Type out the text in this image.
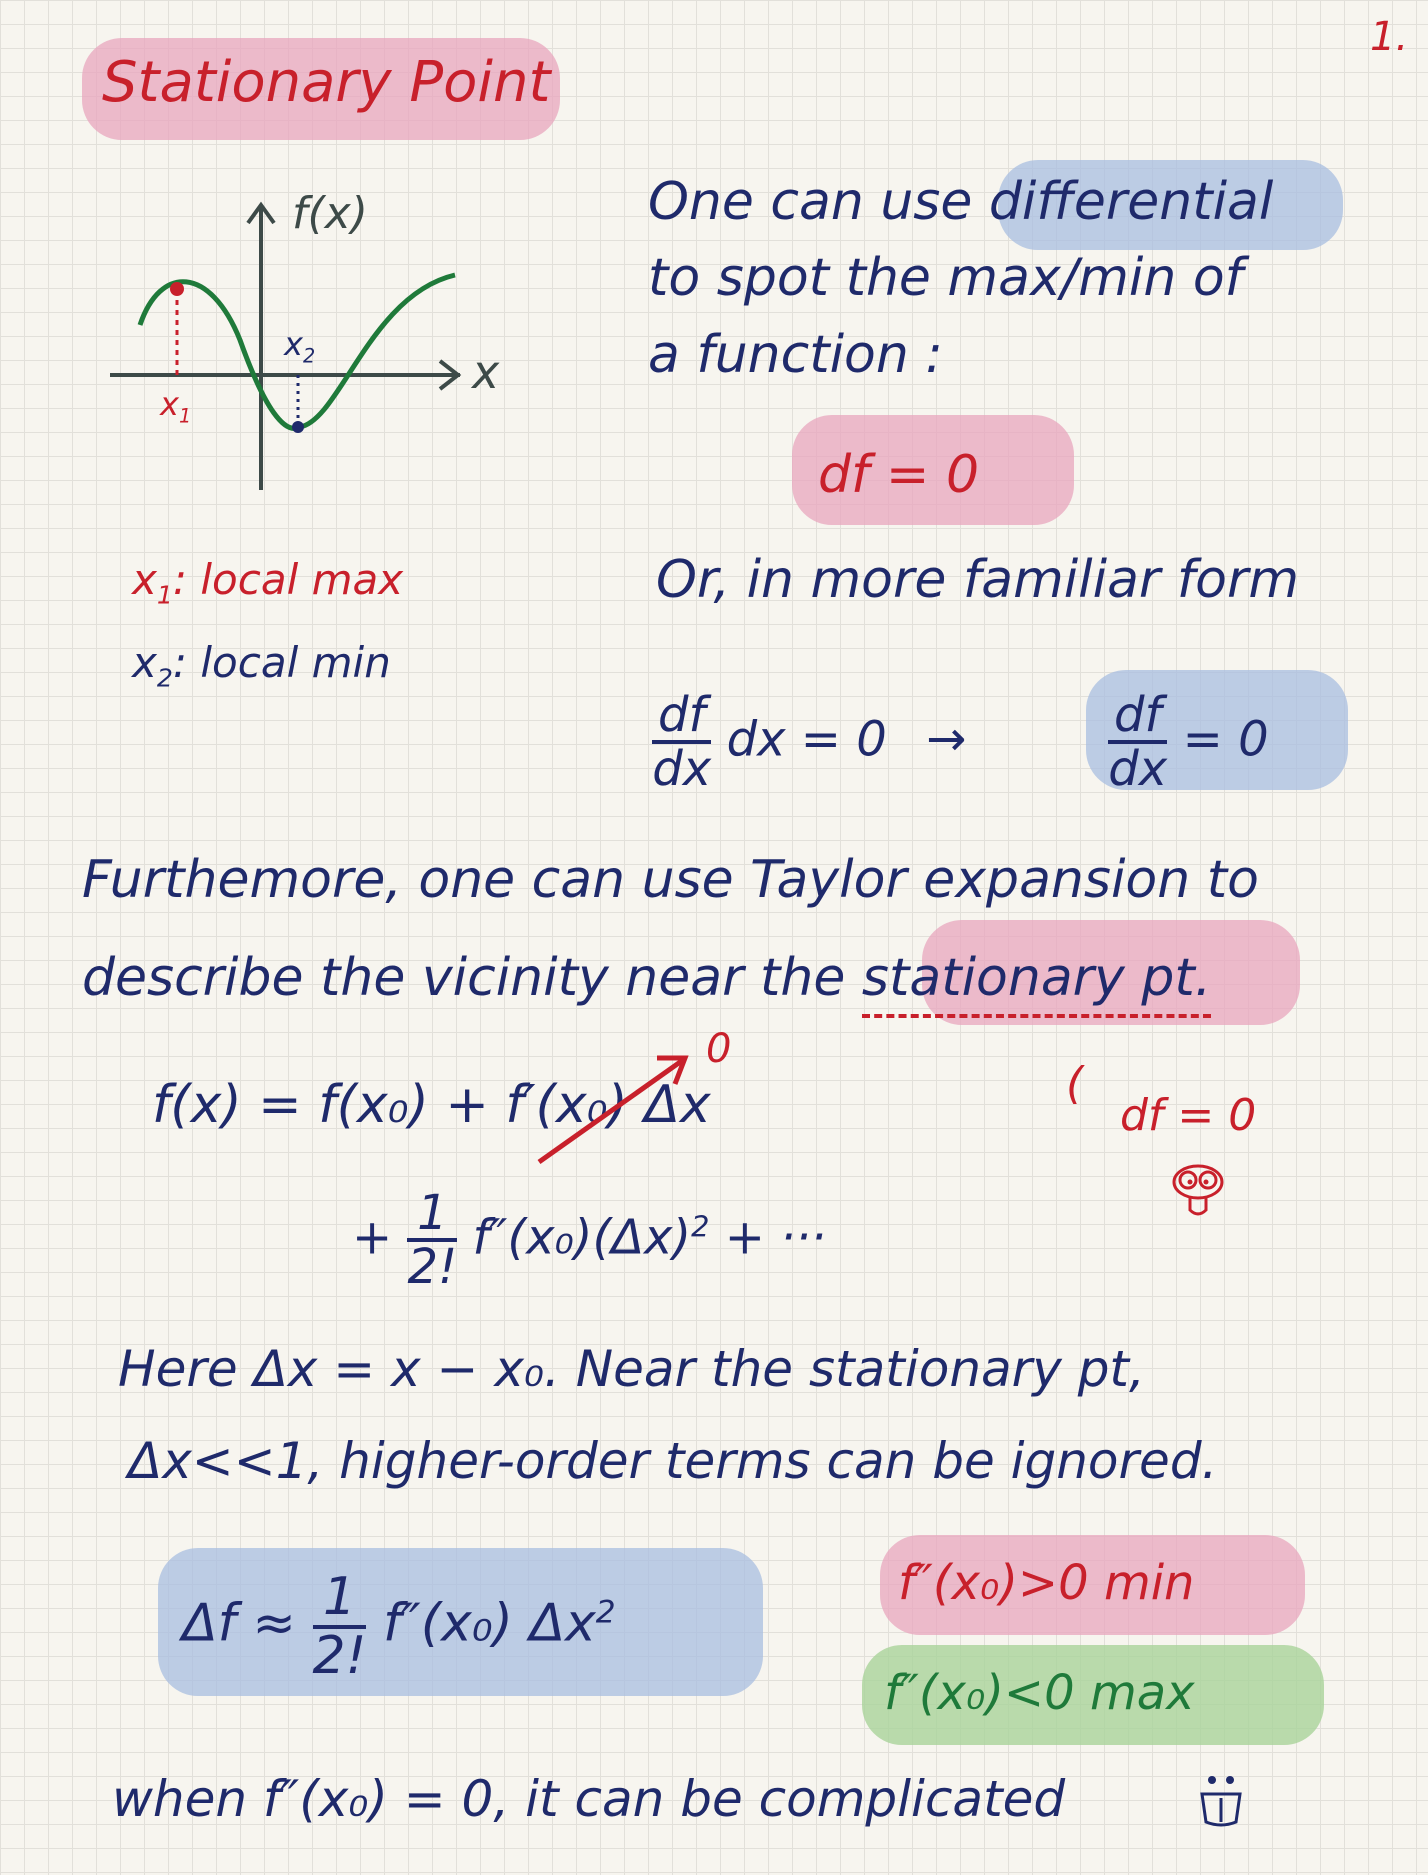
1.
Stationary Point
f(x)
x
$x_2$
$x_1$
$x_1$: local max
$x_2$: local min
One can use differential
to spot the max/min of
a function :
df = 0
Or, in more familiar form
$\frac{df}{dx}$ dx = 0 →	$\frac{df}{dx} = 0$
Furthemore, one can use Taylor expansion to
describe the vicinity near the stationary pt.
f(x) = f(x₀) + f′(x₀) Δx
0
df = 0
(
+ $\frac{1}{2!} f''(x_0)(\Delta x)^2$ + ···
Here Δx = x − x₀. Near the stationary pt,
Δx<<1, higher-order terms can be ignored.
$\Delta f \approx \frac{1}{2!} f''(x_0)$ $\Delta x^2$
f″(x₀)>0 min
f″(x₀)<0 max
when f″(x₀) = 0, it can be complicated
